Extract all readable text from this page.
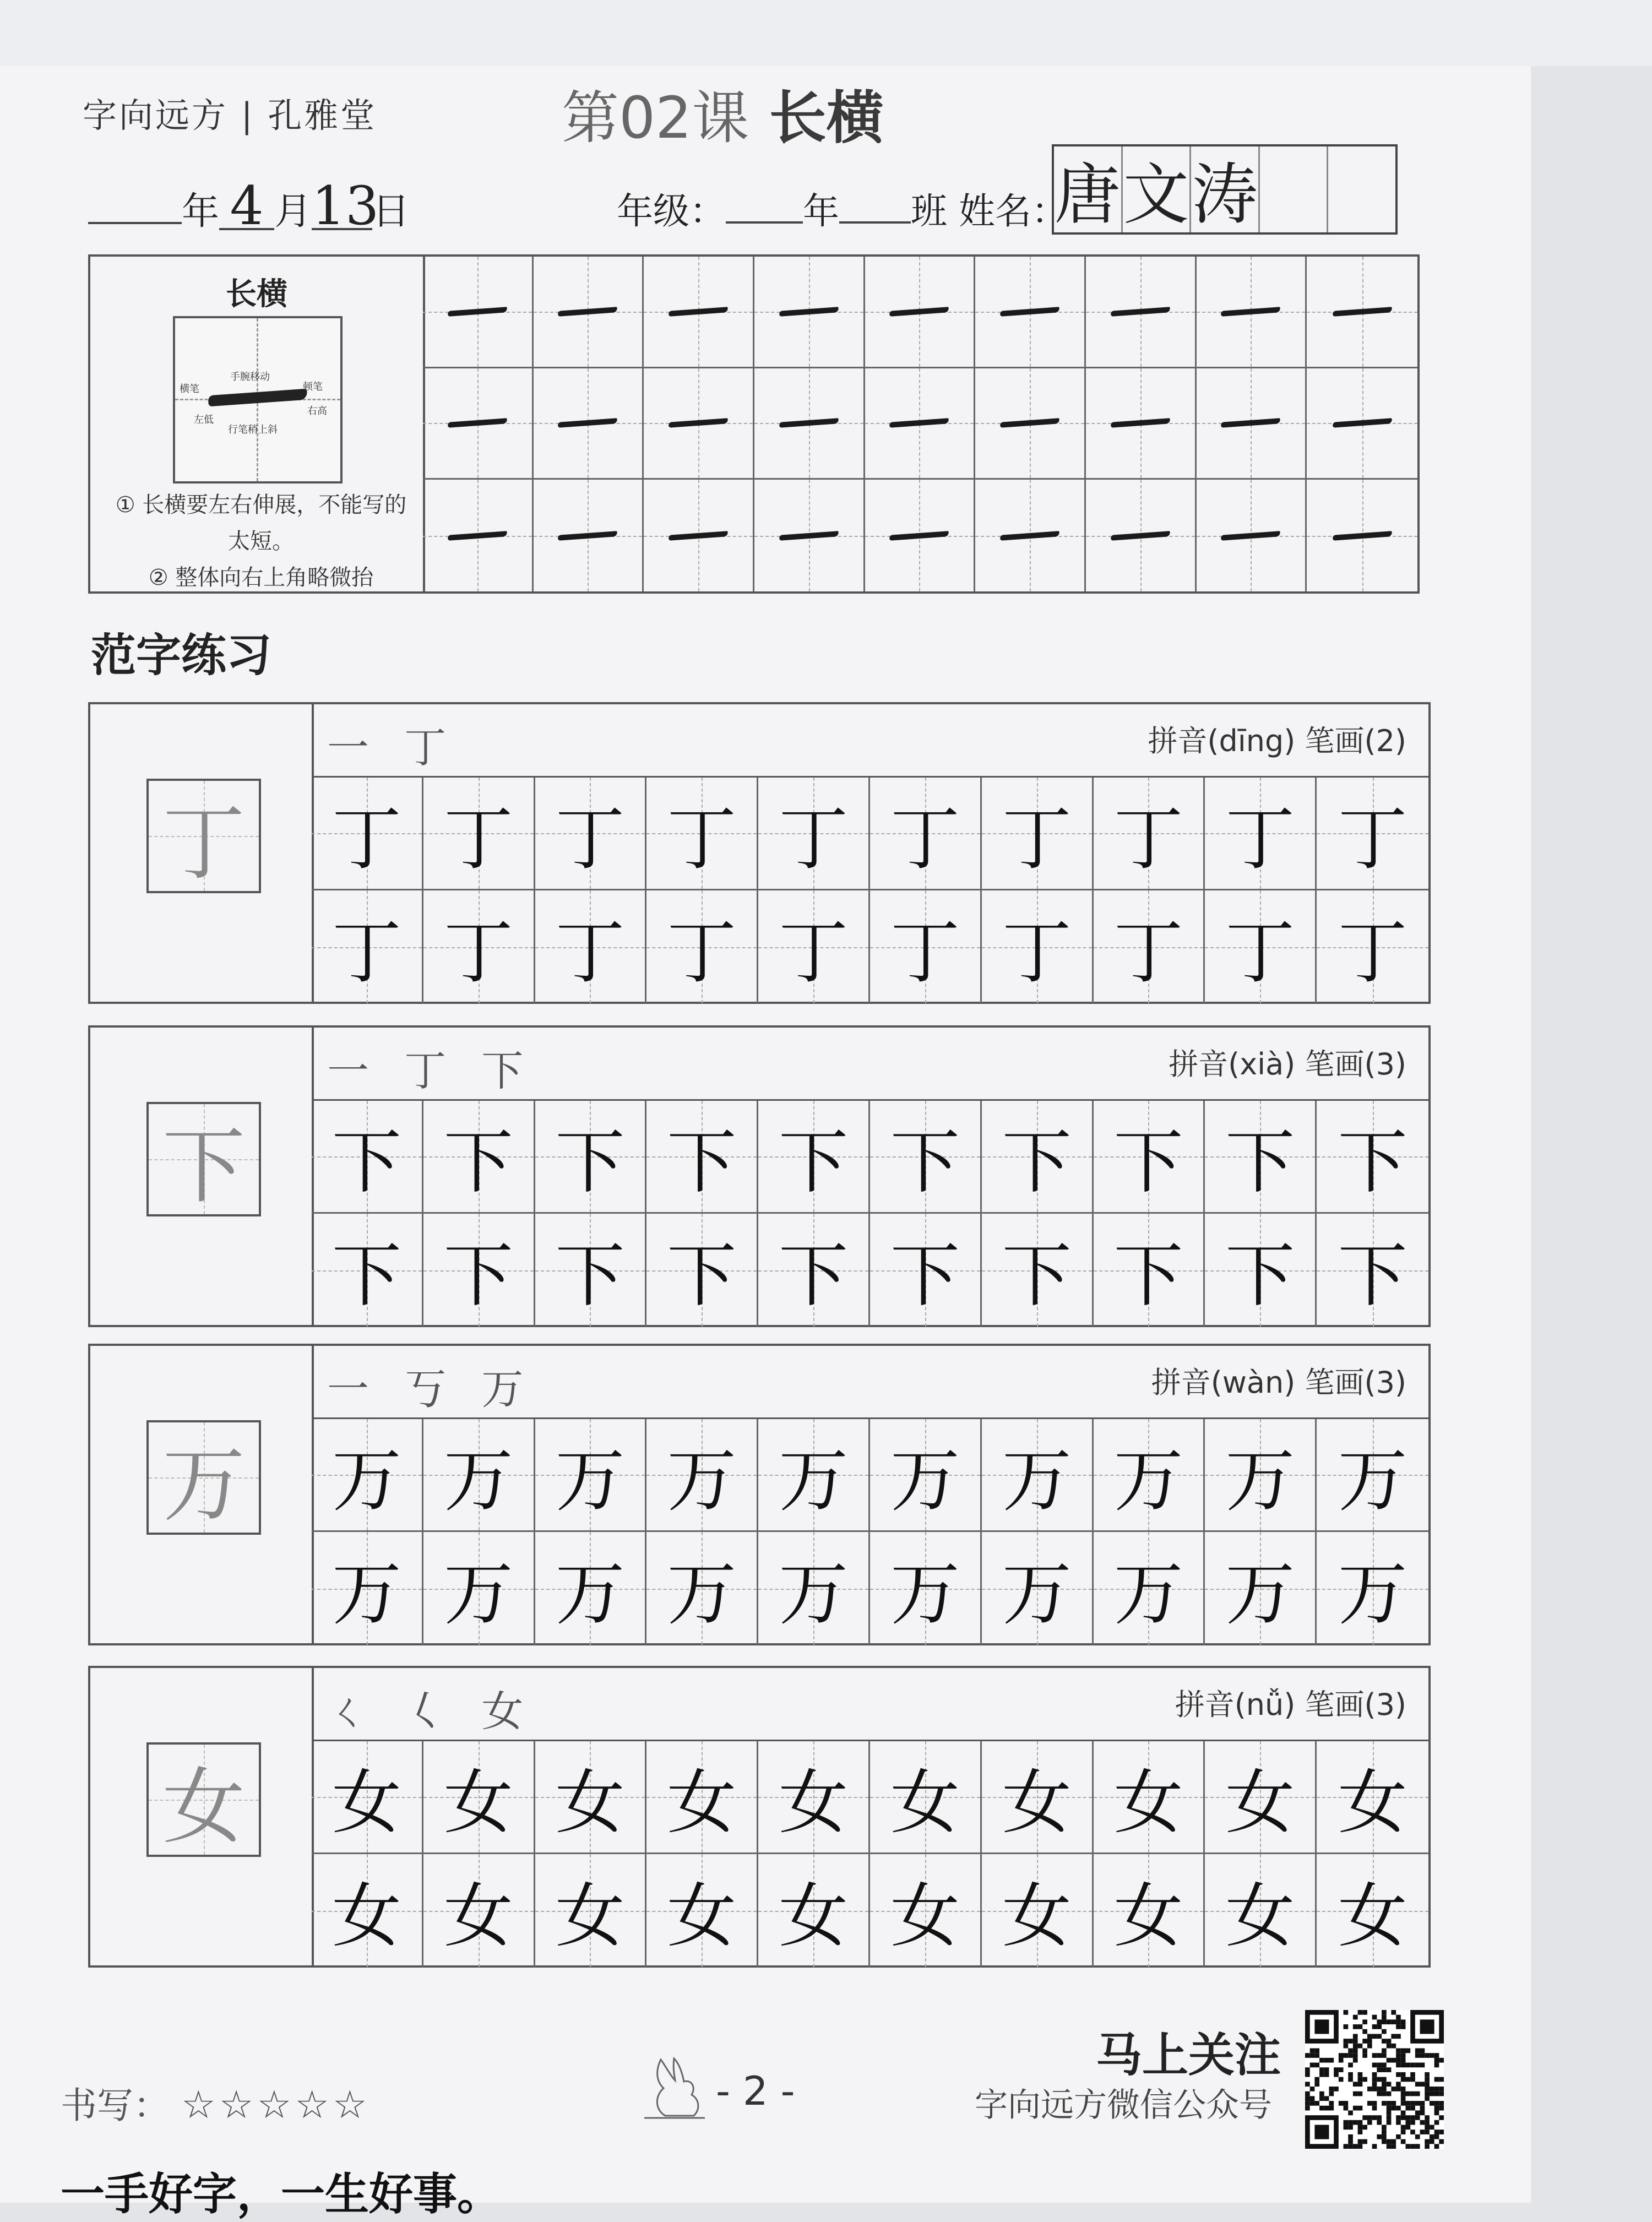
字向远方 | 孔雅堂	第02课 长横
年 4 月13日	年级： 年 班 姓名：
唐 文 涛
长横
手腕移动
横笔	顿笔
左低
右高
行笔稍上斜
① 长横要左右伸展，不能写的太短。
② 整体向右上角略微抬
范字练习
丁
一 丁	拼音(dīng) 笔画(2)
丁 丁 丁 丁 丁 丁 丁 丁 丁 丁
丁 丁 丁 丁 丁 丁 丁 丁 丁 丁
下
一 丁 下	拼音(xià) 笔画(3)
下 下 下 下 下 下 下 下 下 下
下 下 下 下 下 下 下 下 下 下
万
一 丂 万	拼音(wàn) 笔画(3)
万 万 万 万 万 万 万 万 万 万
万 万 万 万 万 万 万 万 万 万
女
ㄑ 𡿨 女	拼音(nǚ) 笔画(3)
女 女 女 女 女 女 女 女 女 女
女 女 女 女 女 女 女 女 女 女
书写： ☆☆☆☆☆	- 2 -
马上关注
字向远方微信公众号
一手好字，一生好事。
